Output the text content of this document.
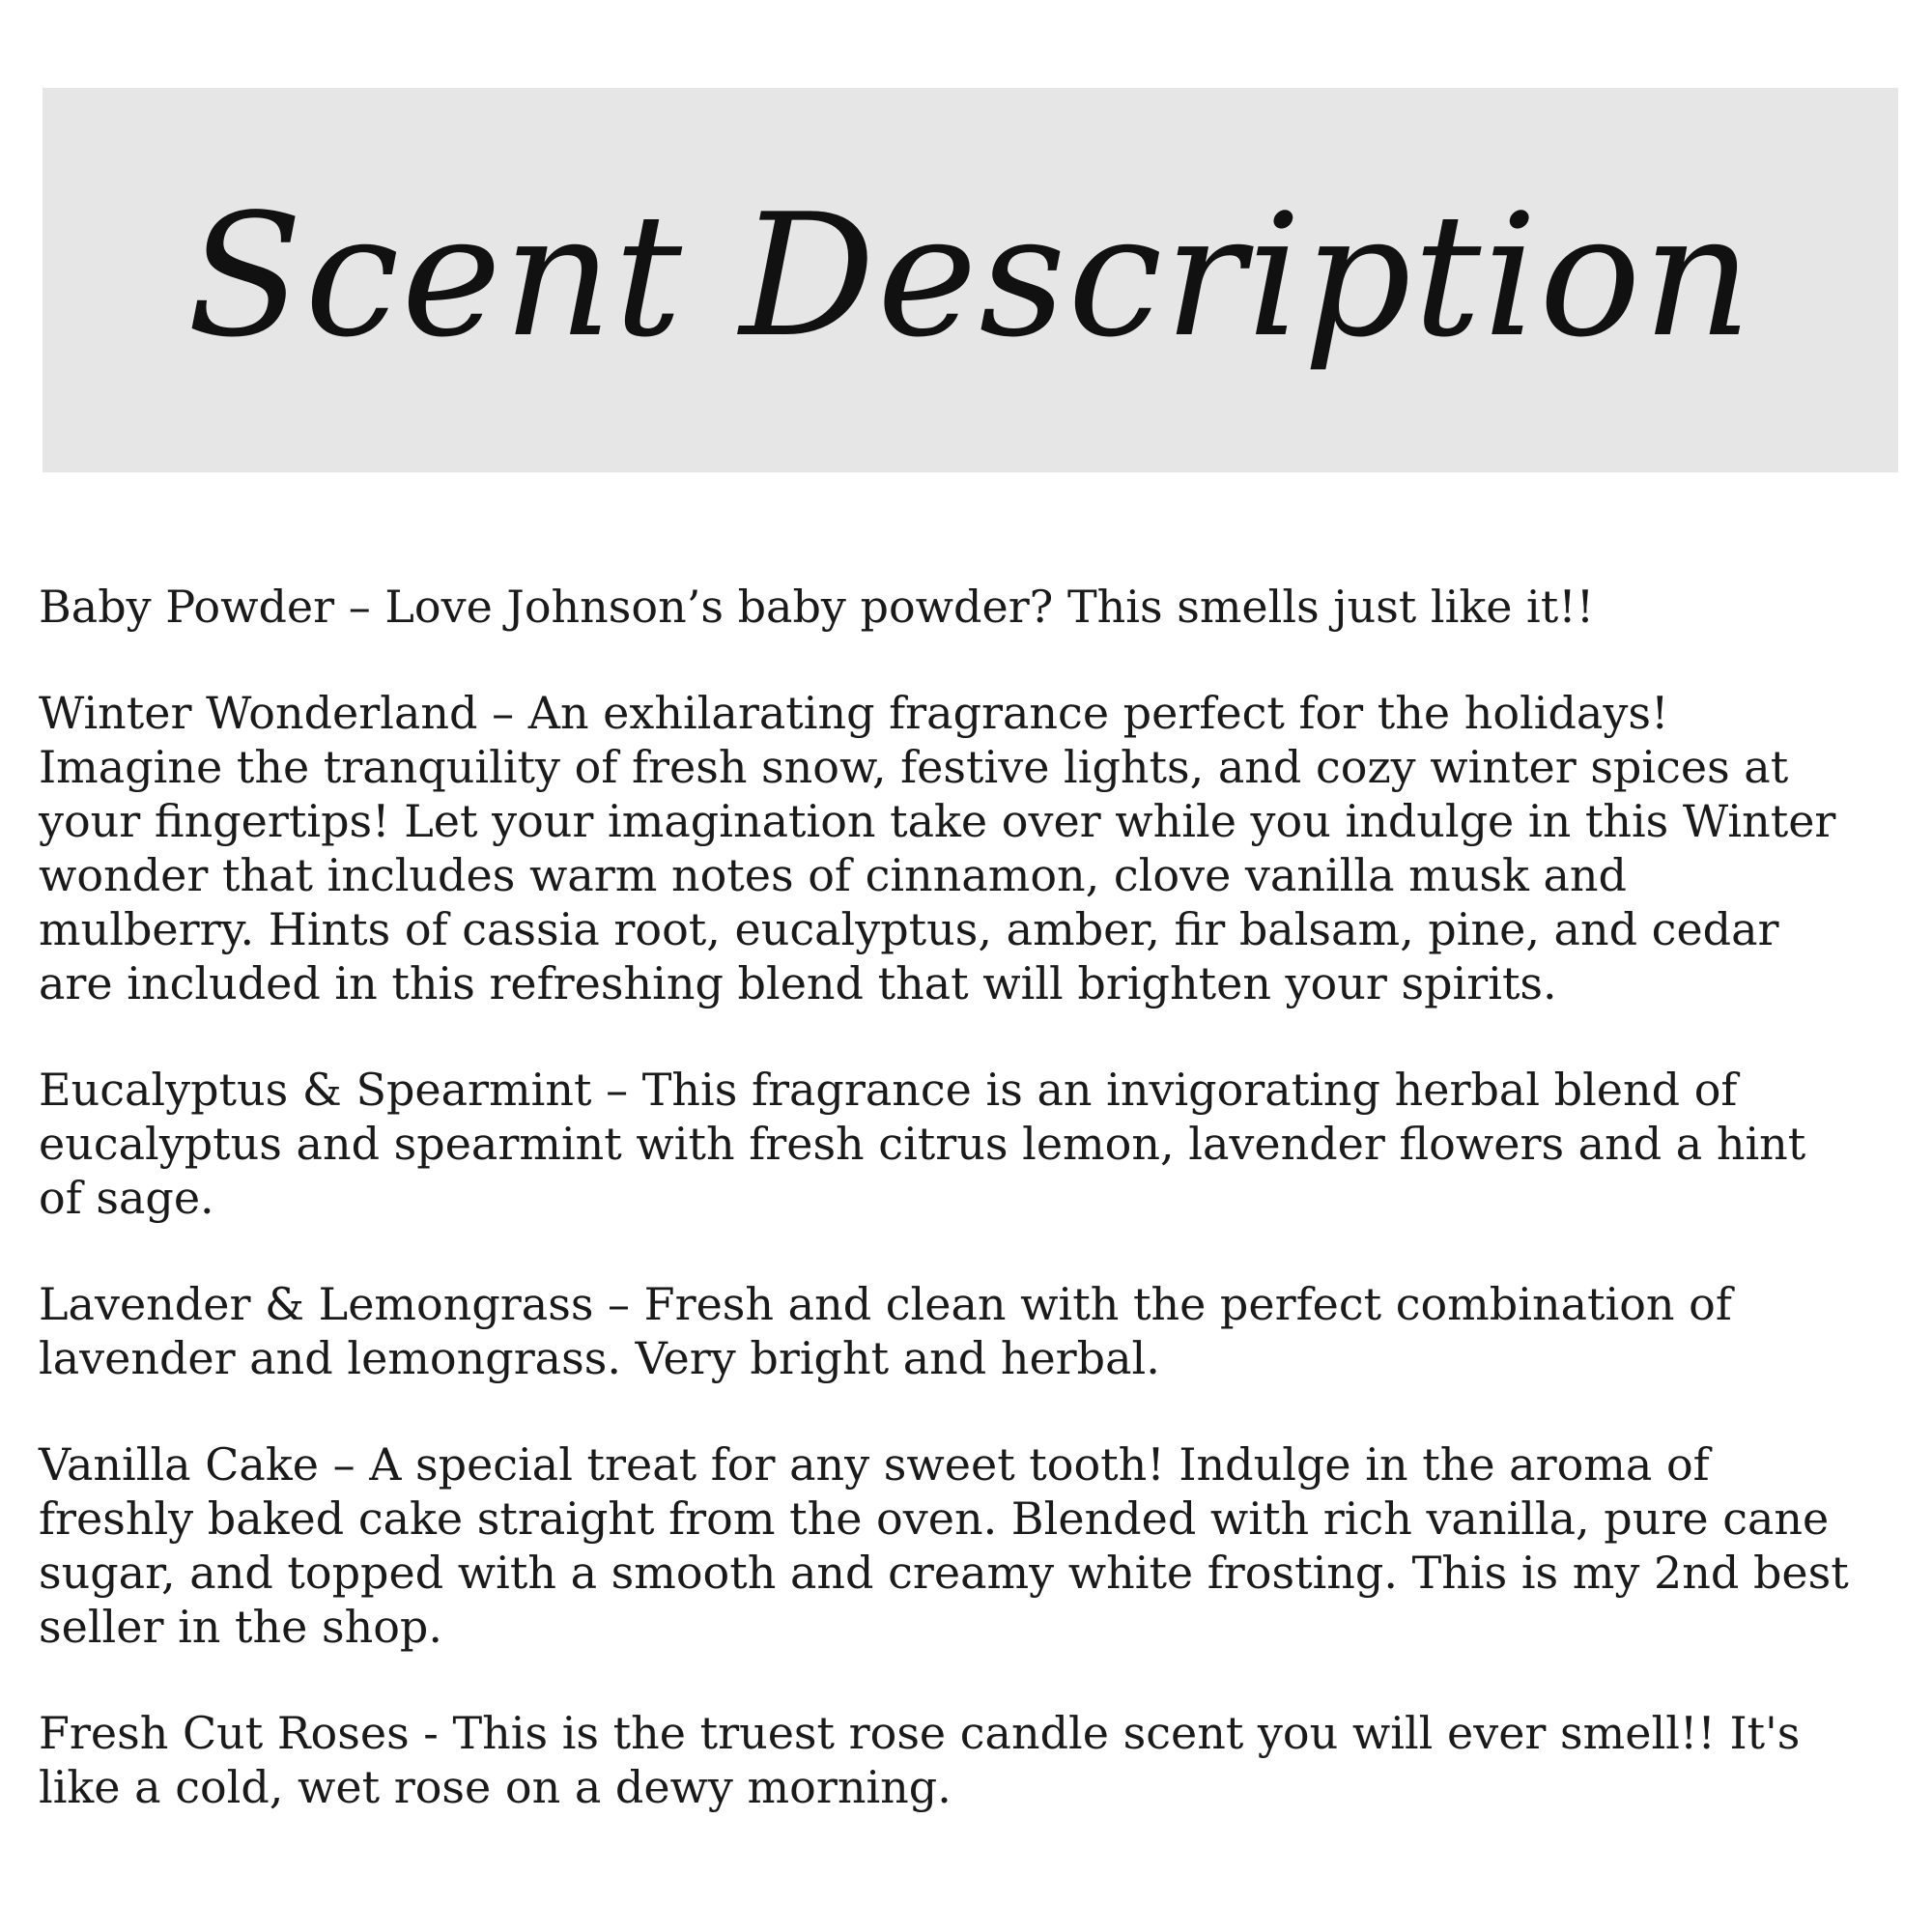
Scent Description

Baby Powder – Love Johnson’s baby powder? This smells just like it!!

Winter Wonderland – An exhilarating fragrance perfect for the holidays! Imagine the tranquility of fresh snow, festive lights, and cozy winter spices at your fingertips! Let your imagination take over while you indulge in this Winter wonder that includes warm notes of cinnamon, clove vanilla musk and mulberry. Hints of cassia root, eucalyptus, amber, fir balsam, pine, and cedar are included in this refreshing blend that will brighten your spirits.

Eucalyptus & Spearmint – This fragrance is an invigorating herbal blend of eucalyptus and spearmint with fresh citrus lemon, lavender flowers and a hint of sage.

Lavender & Lemongrass – Fresh and clean with the perfect combination of lavender and lemongrass. Very bright and herbal.

Vanilla Cake – A special treat for any sweet tooth! Indulge in the aroma of freshly baked cake straight from the oven. Blended with rich vanilla, pure cane sugar, and topped with a smooth and creamy white frosting. This is my 2nd best seller in the shop.

Fresh Cut Roses - This is the truest rose candle scent you will ever smell!! It's like a cold, wet rose on a dewy morning.
